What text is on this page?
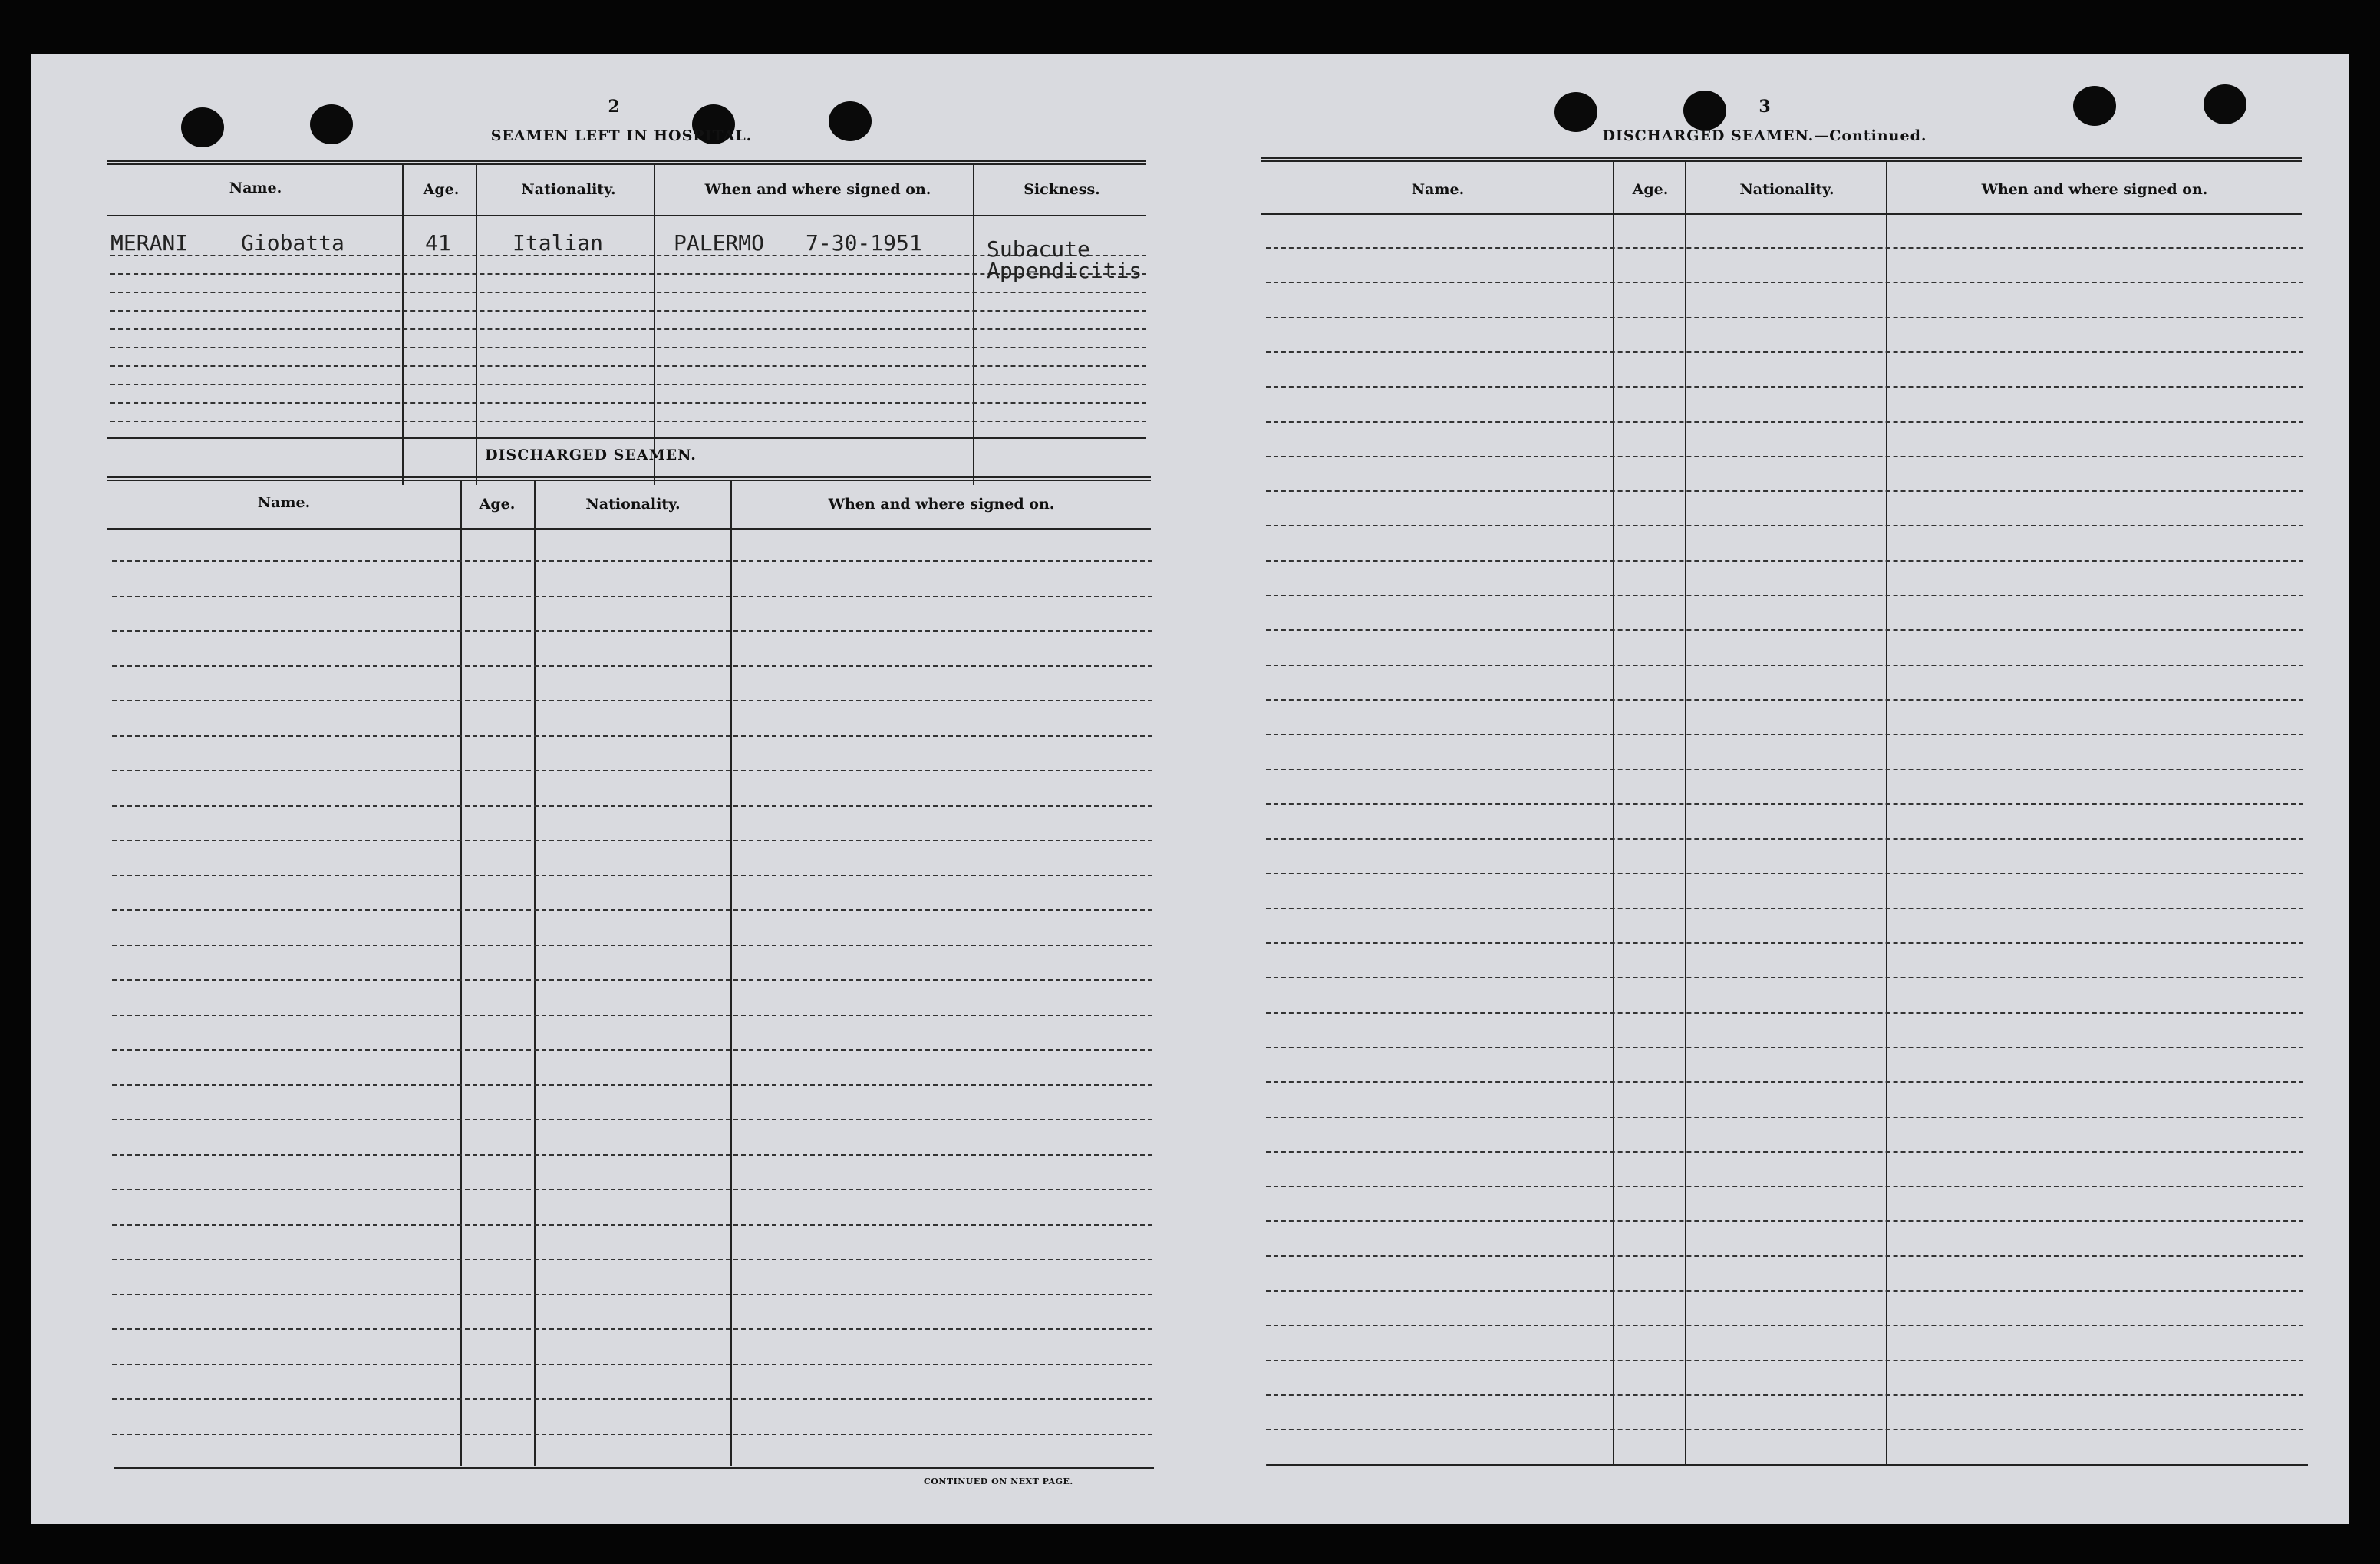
2
SEAMEN LEFT IN HOSPITAL.
Name.	Age.	Nationality.	When and where signed on.	Sickness.
MERANI Giobatta	41	Italian	PALERMO 7-30-1951	Subacute
Appendicitis
DISCHARGED SEAMEN.
Name.	Age.	Nationality.	When and where signed on.
CONTINUED ON NEXT PAGE.
3
DISCHARGED SEAMEN.—Continued.
Name.	Age.	Nationality.	When and where signed on.
